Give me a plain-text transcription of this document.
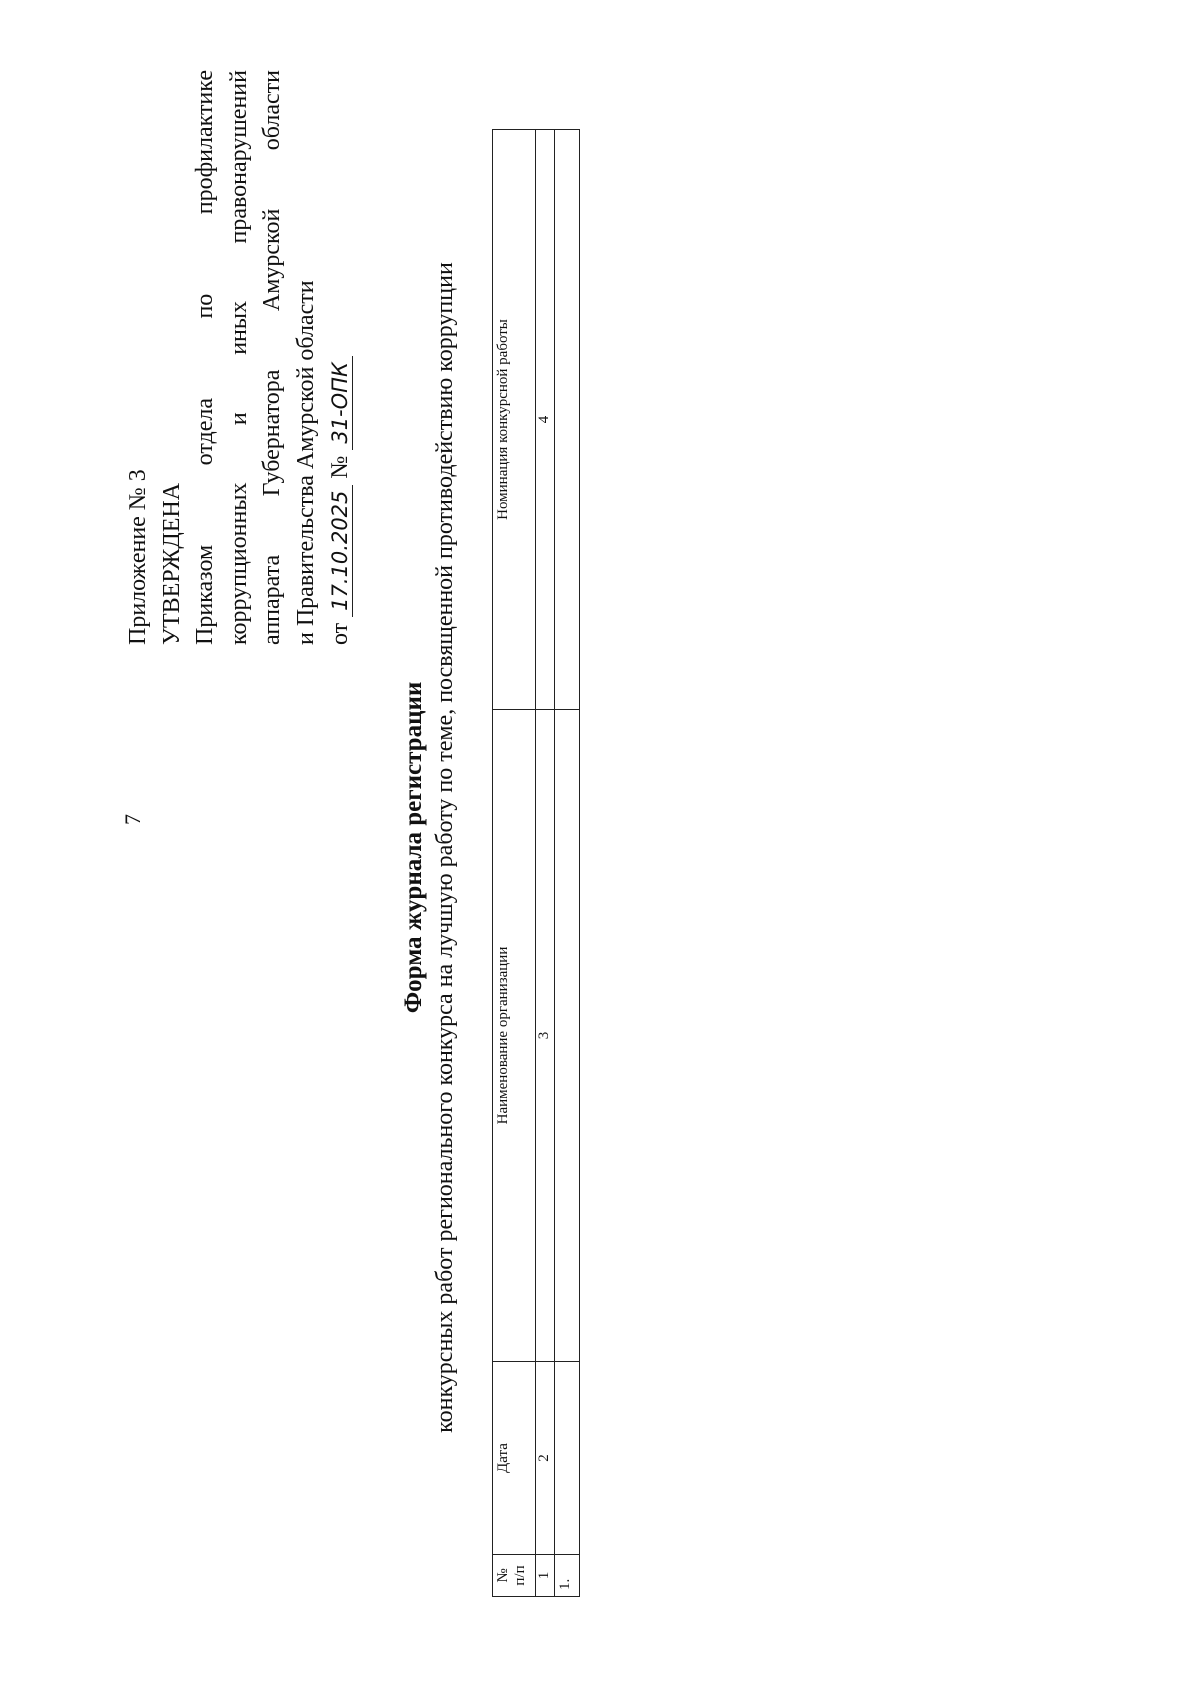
7
Приложение № 3 УТВЕРЖДЕНА Приказом отдела по профилактике коррупционных и иных правонарушений аппарата Губернатора Амурской области и Правительства Амурской области от 17.10.2025 № 31-ОПК
Форма журнала регистрации конкурсных работ регионального конкурса на лучшую работу по теме, посвященной противодействию коррупции
№ п/п	Дата	Наименование организации	Номинация конкурсной работы
1	2	3	4
1.			
